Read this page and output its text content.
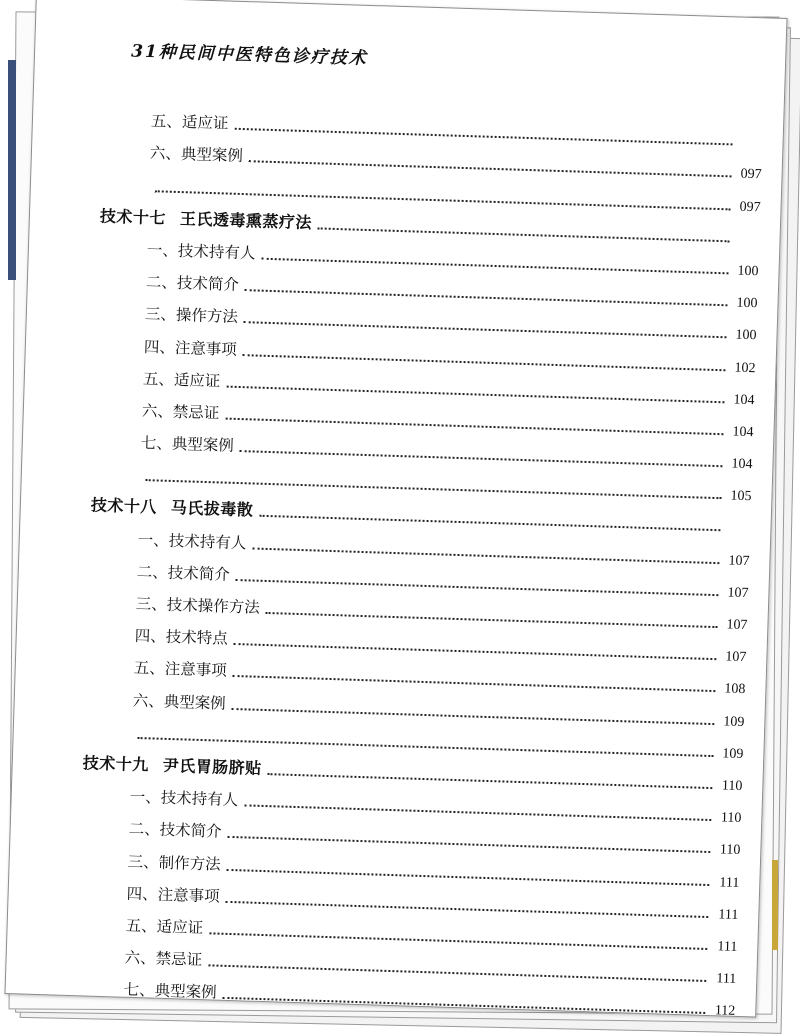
31种民间中医特色诊疗技术
五、适应证
六、典型案例
097
097
技术十七 王氏透毒熏蒸疗法
一、技术持有人
100
二、技术简介
100
三、操作方法
100
四、注意事项
102
五、适应证
104
六、禁忌证
104
七、典型案例
104
105
技术十八 马氏拔毒散
一、技术持有人
107
二、技术简介
107
三、技术操作方法
107
四、技术特点
107
五、注意事项
108
六、典型案例
109
109
技术十九 尹氏胃肠脐贴
110
一、技术持有人
110
二、技术简介
110
三、制作方法
111
四、注意事项
111
五、适应证
111
六、禁忌证
111
七、典型案例
112
